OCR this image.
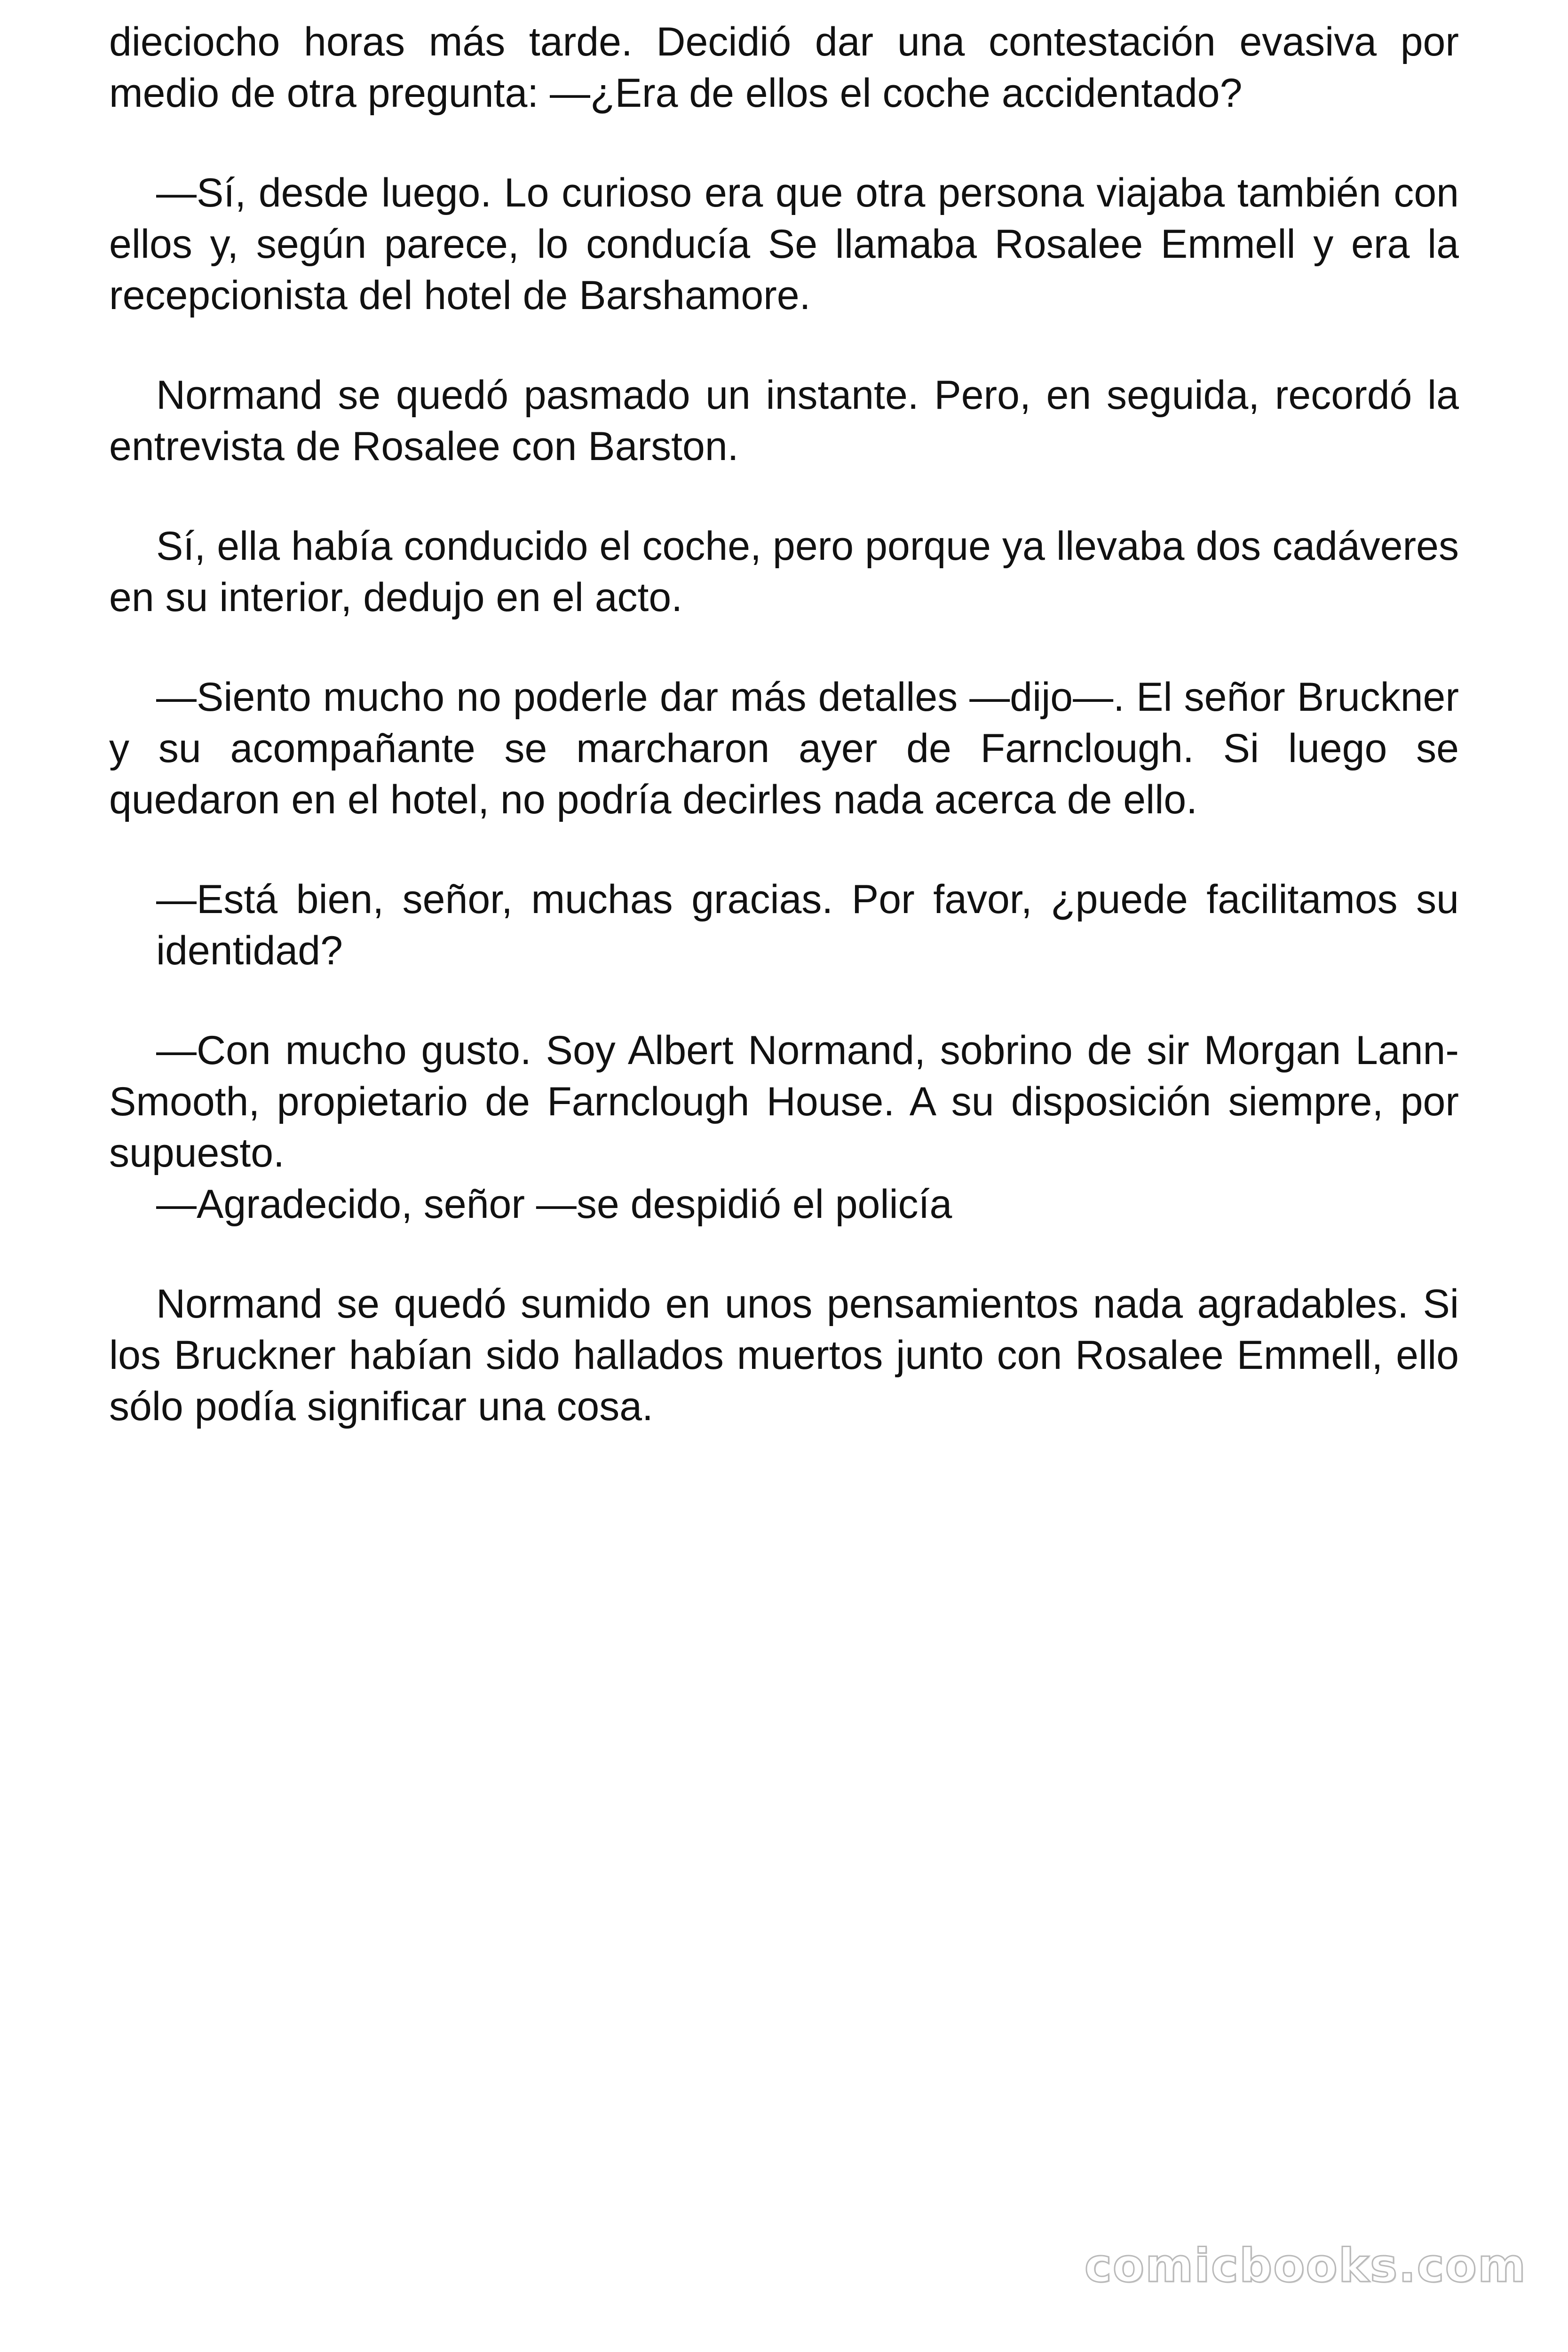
dieciocho horas más tarde. Decidió dar una contestación evasiva por medio de otra pregunta: —¿Era de ellos el coche accidentado?

—Sí, desde luego. Lo curioso era que otra persona viajaba también con ellos y, según parece, lo conducía Se llamaba Rosalee Emmell y era la recepcionista del hotel de Barshamore.

Normand se quedó pasmado un instante. Pero, en seguida, recordó la entrevista de Rosalee con Barston.

Sí, ella había conducido el coche, pero porque ya llevaba dos cadáveres en su interior, dedujo en el acto.

—Siento mucho no poderle dar más detalles —dijo—. El señor Bruckner y su acompañante se marcharon ayer de Farnclough. Si luego se quedaron en el hotel, no podría decirles nada acerca de ello.

—Está bien, señor, muchas gracias. Por favor, ¿puede facilitamos su identidad?

—Con mucho gusto. Soy Albert Normand, sobrino de sir Morgan Lann-Smooth, propietario de Farnclough House. A su disposición siempre, por supuesto.

—Agradecido, señor —se despidió el policía

Normand se quedó sumido en unos pensamientos nada agradables. Si los Bruckner habían sido hallados muertos junto con Rosalee Emmell, ello sólo podía significar una cosa.

comicbooks.com
